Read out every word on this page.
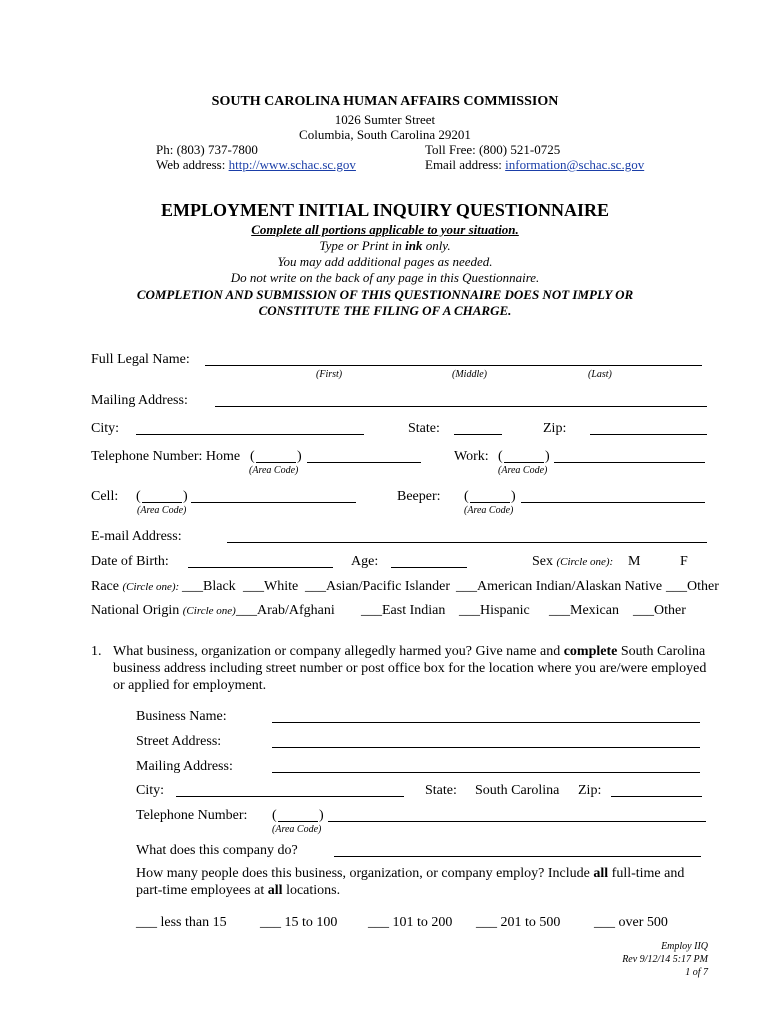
SOUTH CAROLINA HUMAN AFFAIRS COMMISSION
1026 Sumter Street
Columbia, South Carolina 29201
Ph: (803) 737-7800	Toll Free: (800) 521-0725
Web address: http://www.schac.sc.gov	Email address: information@schac.sc.gov
EMPLOYMENT INITIAL INQUIRY QUESTIONNAIRE
Complete all portions applicable to your situation.
Type or Print in ink only.
You may add additional pages as needed.
Do not write on the back of any page in this Questionnaire.
COMPLETION AND SUBMISSION OF THIS QUESTIONNAIRE DOES NOT IMPLY OR
CONSTITUTE THE FILING OF A CHARGE.
Full Legal Name:
(First)	(Middle)	(Last)
Mailing Address:
City:	State:	Zip:
Telephone Number: Home (	)
(Area Code)
Work: (	)
(Area Code)
Cell: (	)
(Area Code)
Beeper: (	)
(Area Code)
E-mail Address:
Date of Birth:	Age:	Sex (Circle one): M	F
Race (Circle one): ___Black ___White ___Asian/Pacific Islander ___American Indian/Alaskan Native ___Other
National Origin (Circle one) ___Arab/Afghani ___East Indian ___Hispanic ___Mexican ___Other
1. What business, organization or company allegedly harmed you? Give name and complete South Carolina
business address including street number or post office box for the location where you are/were employed
or applied for employment.
Business Name:
Street Address:
Mailing Address:
City:	State: South Carolina Zip:
Telephone Number: (	)
(Area Code)
What does this company do?
How many people does this business, organization, or company employ? Include all full-time and
part-time employees at all locations.
___ less than 15 ___ 15 to 100 ___ 101 to 200 ___ 201 to 500 ___ over 500
Employ IIQ
Rev 9/12/14 5:17 PM
1 of 7
